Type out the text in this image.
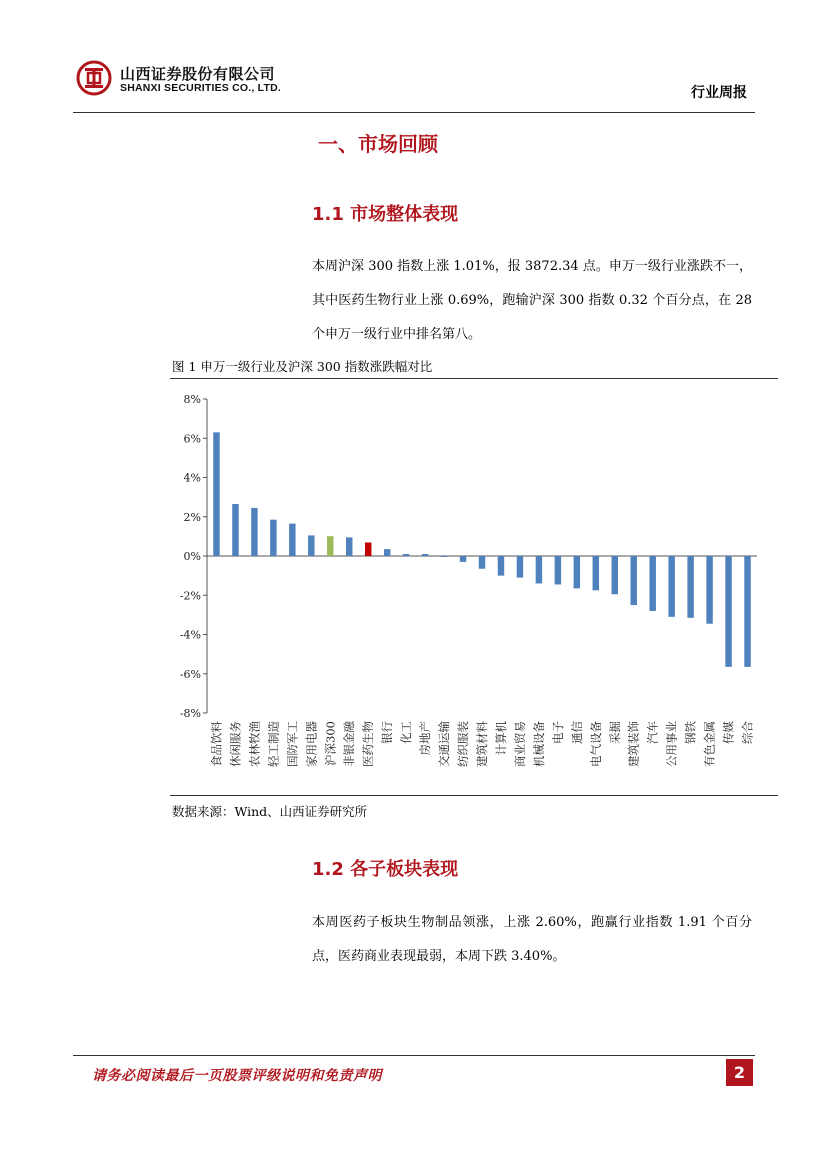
山西证券股份有限公司
SHANXI SECURITIES CO., LTD.	行业周报
一、市场回顾
1.1 市场整体表现
本周沪深 300 指数上涨 1.01%，报 3872.34 点。申万一级行业涨跌不一，其中医药生物行业上涨 0.69%，跑输沪深 300 指数 0.32 个百分点，在 28 个申万一级行业中排名第八。
图 1 申万一级行业及沪深 300 指数涨跌幅对比
8%
6%
4%
2%
0%
-2%
-4%
-6%
-8%
食品饮料 休闲服务 农林牧渔 轻工制造 国防军工 家用电器 沪深300 非银金融 医药生物 银行 化工 房地产 交通运输 纺织服装 建筑材料 计算机 商业贸易 机械设备 电子 通信 电气设备 采掘 建筑装饰 汽车 公用事业 钢铁 有色金属 传媒 综合
数据来源：Wind、山西证券研究所
1.2 各子板块表现
本周医药子板块生物制品领涨，上涨 2.60%，跑赢行业指数 1.91 个百分点，医药商业表现最弱，本周下跌 3.40%。
请务必阅读最后一页股票评级说明和免责声明	2
